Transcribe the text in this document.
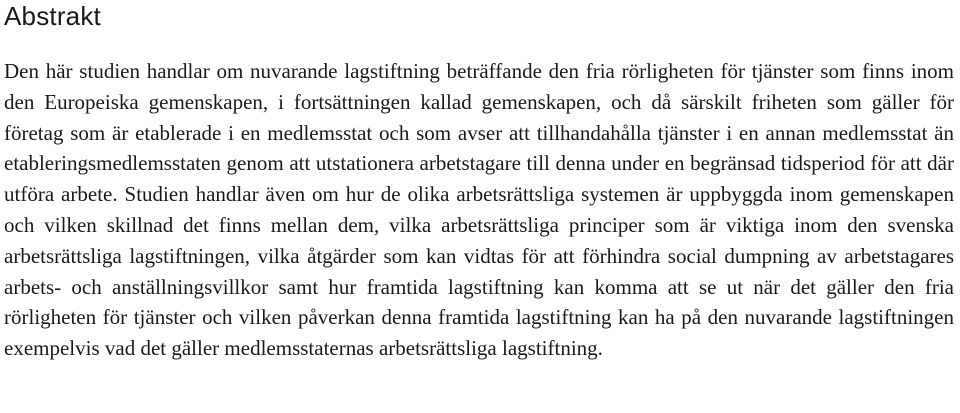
Abstrakt

Den här studien handlar om nuvarande lagstiftning beträffande den fria rörligheten för tjänster som finns inom den Europeiska gemenskapen, i fortsättningen kallad gemenskapen, och då särskilt friheten som gäller för företag som är etablerade i en medlemsstat och som avser att tillhandahålla tjänster i en annan medlemsstat än etableringsmedlemsstaten genom att utstationera arbetstagare till denna under en begränsad tidsperiod för att där utföra arbete. Studien handlar även om hur de olika arbetsrättsliga systemen är uppbyggda inom gemenskapen och vilken skillnad det finns mellan dem, vilka arbetsrättsliga principer som är viktiga inom den svenska arbetsrättsliga lagstiftningen, vilka åtgärder som kan vidtas för att förhindra social dumpning av arbetstagares arbets- och anställningsvillkor samt hur framtida lagstiftning kan komma att se ut när det gäller den fria rörligheten för tjänster och vilken påverkan denna framtida lagstiftning kan ha på den nuvarande lagstiftningen exempelvis vad det gäller medlemsstaternas arbetsrättsliga lagstiftning.
